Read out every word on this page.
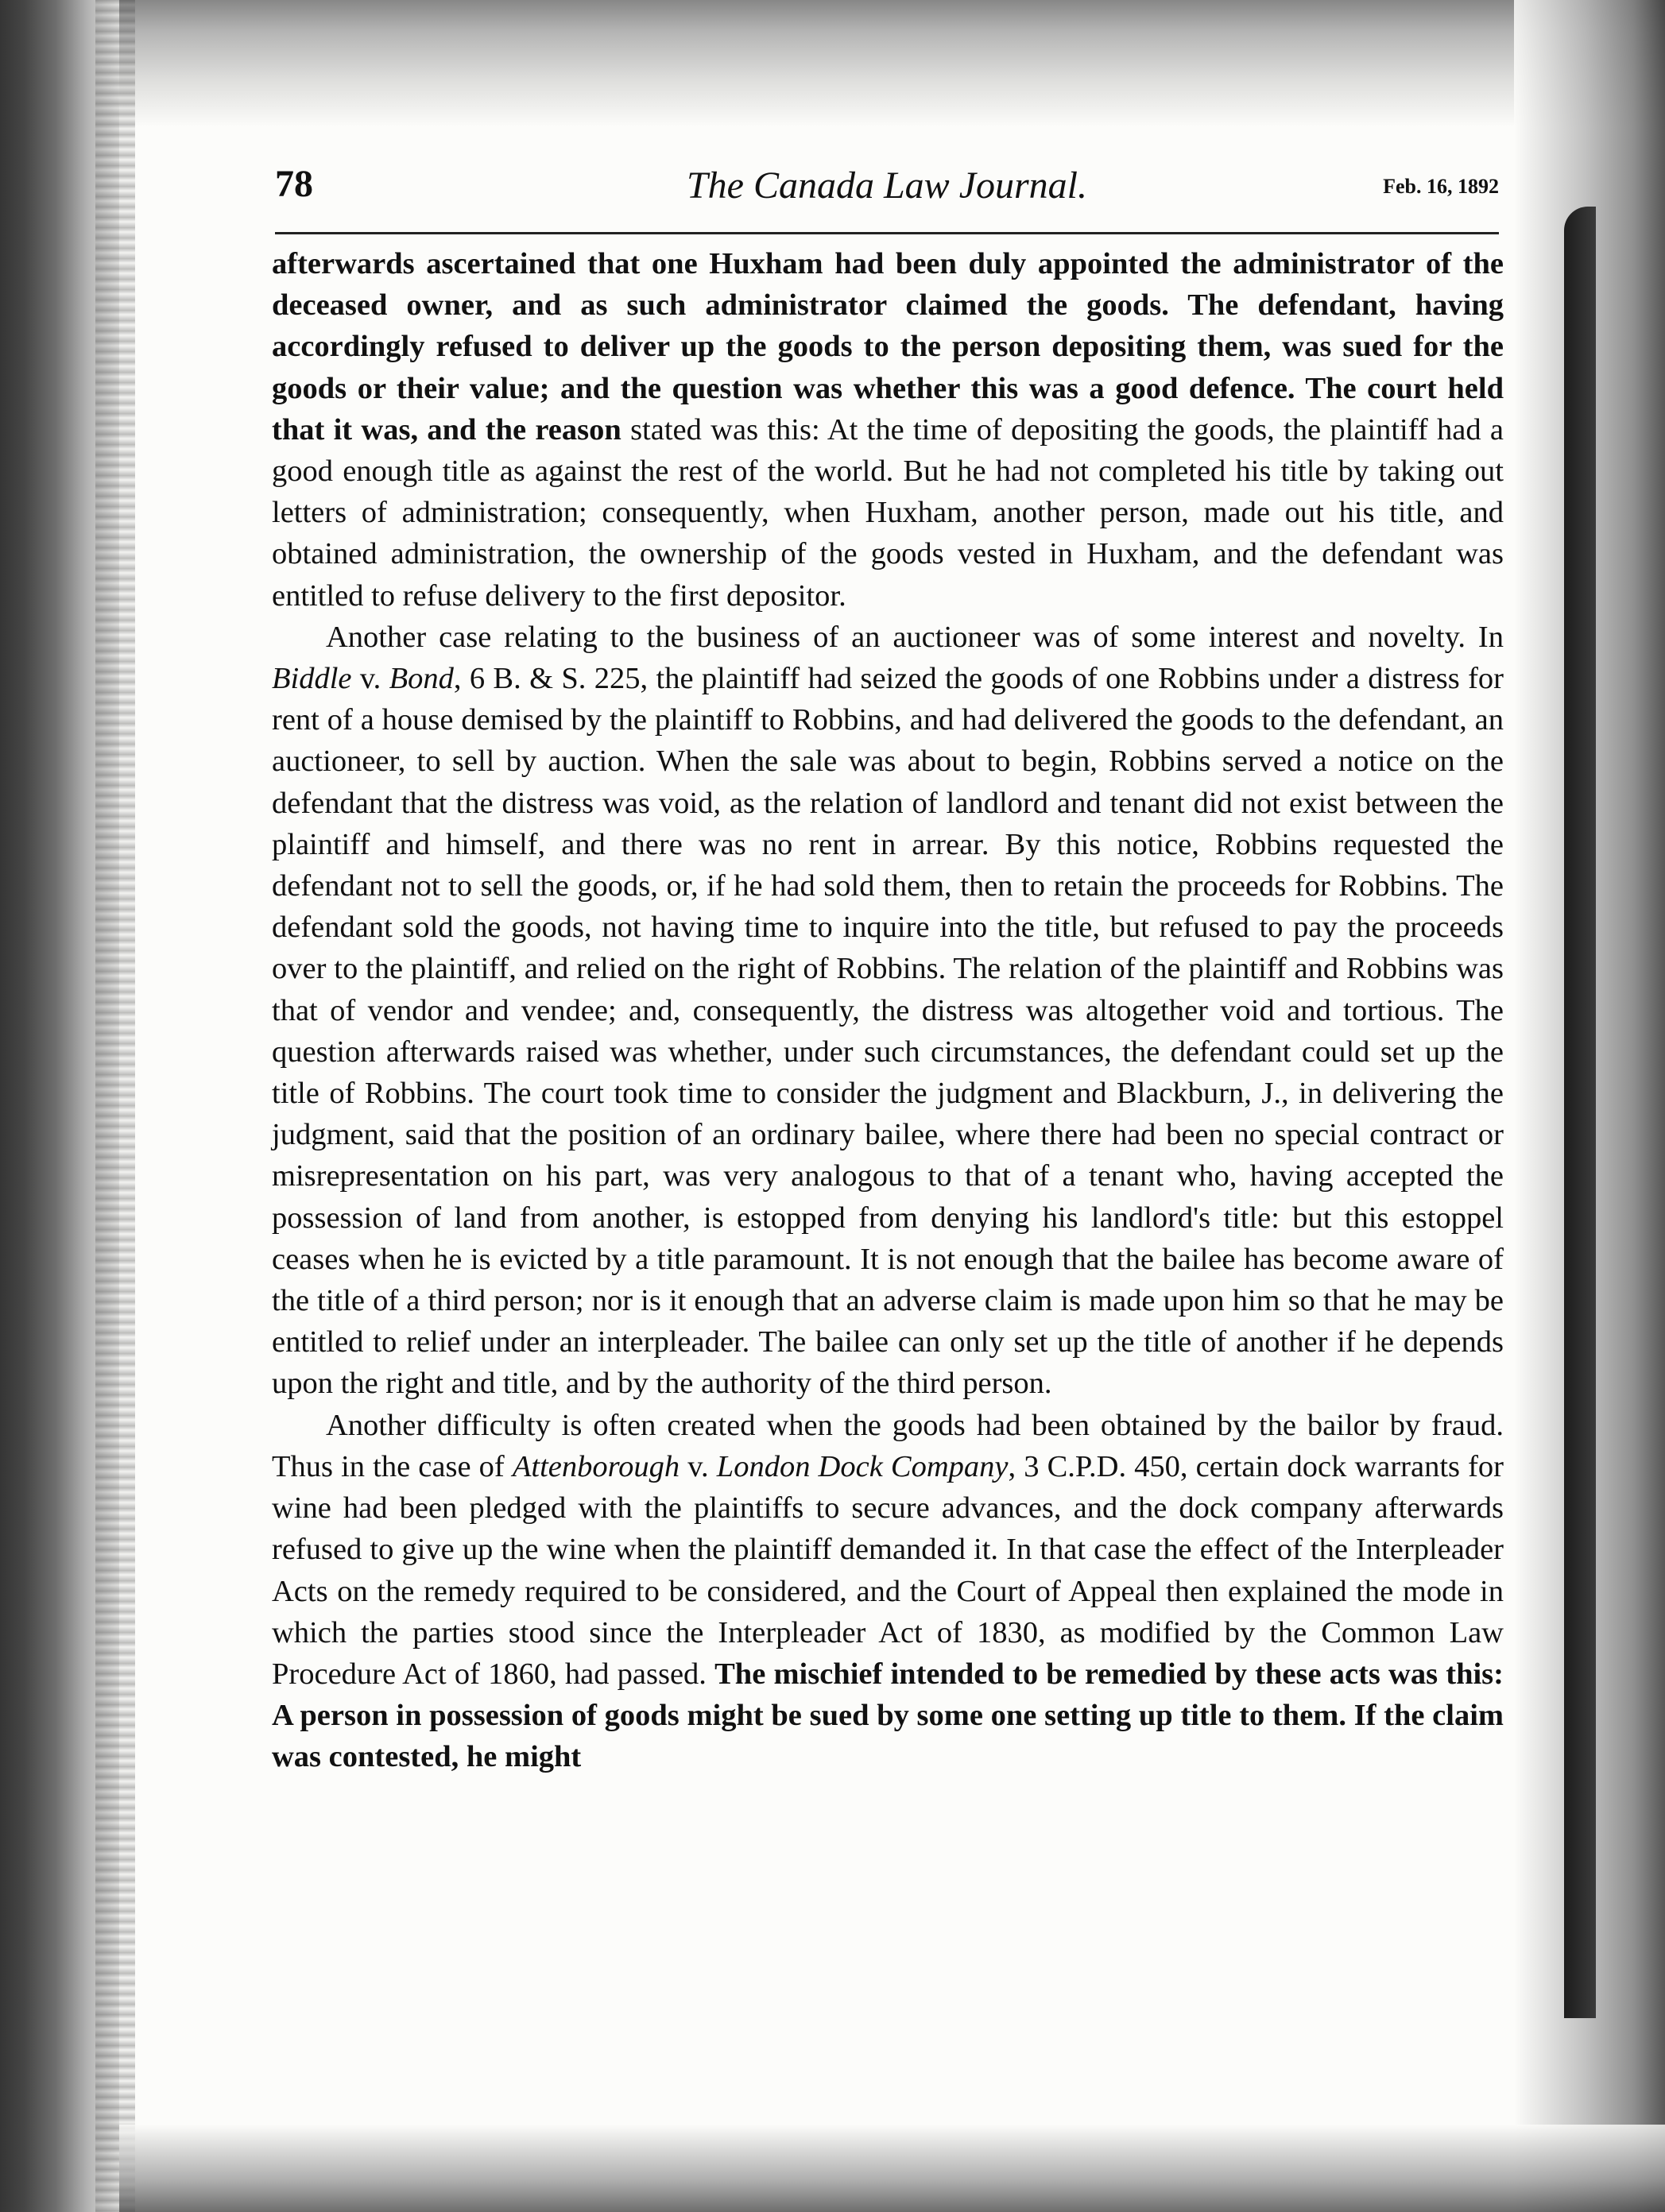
78	The Canada Law Journal.	Feb. 16, 1892

afterwards ascertained that one Huxham had been duly appointed the administrator of the deceased owner, and as such administrator claimed the goods. The defendant, having accordingly refused to deliver up the goods to the person depositing them, was sued for the goods or their value; and the question was whether this was a good defence. The court held that it was, and the reason stated was this: At the time of depositing the goods, the plaintiff had a good enough title as against the rest of the world. But he had not completed his title by taking out letters of administration; consequently, when Huxham, another person, made out his title, and obtained administration, the ownership of the goods vested in Huxham, and the defendant was entitled to refuse delivery to the first depositor.

Another case relating to the business of an auctioneer was of some interest and novelty. In Biddle v. Bond, 6 B. & S. 225, the plaintiff had seized the goods of one Robbins under a distress for rent of a house demised by the plaintiff to Robbins, and had delivered the goods to the defendant, an auctioneer, to sell by auction. When the sale was about to begin, Robbins served a notice on the defendant that the distress was void, as the relation of landlord and tenant did not exist between the plaintiff and himself, and there was no rent in arrear. By this notice, Robbins requested the defendant not to sell the goods, or, if he had sold them, then to retain the proceeds for Robbins. The defendant sold the goods, not having time to inquire into the title, but refused to pay the proceeds over to the plaintiff, and relied on the right of Robbins. The relation of the plaintiff and Robbins was that of vendor and vendee; and, consequently, the distress was altogether void and tortious. The question afterwards raised was whether, under such circumstances, the defendant could set up the title of Robbins. The court took time to consider the judgment and Blackburn, J., in delivering the judgment, said that the position of an ordinary bailee, where there had been no special contract or misrepresentation on his part, was very analogous to that of a tenant who, having accepted the possession of land from another, is estopped from denying his landlord's title: but this estoppel ceases when he is evicted by a title paramount. It is not enough that the bailee has become aware of the title of a third person; nor is it enough that an adverse claim is made upon him so that he may be entitled to relief under an interpleader. The bailee can only set up the title of another if he depends upon the right and title, and by the authority of the third person.

Another difficulty is often created when the goods had been obtained by the bailor by fraud. Thus in the case of Attenborough v. London Dock Company, 3 C.P.D. 450, certain dock warrants for wine had been pledged with the plaintiffs to secure advances, and the dock company afterwards refused to give up the wine when the plaintiff demanded it. In that case the effect of the Interpleader Acts on the remedy required to be considered, and the Court of Appeal then explained the mode in which the parties stood since the Interpleader Act of 1830, as modified by the Common Law Procedure Act of 1860, had passed. The mischief intended to be remedied by these acts was this: A person in possession of goods might be sued by some one setting up title to them. If the claim was contested, he might
